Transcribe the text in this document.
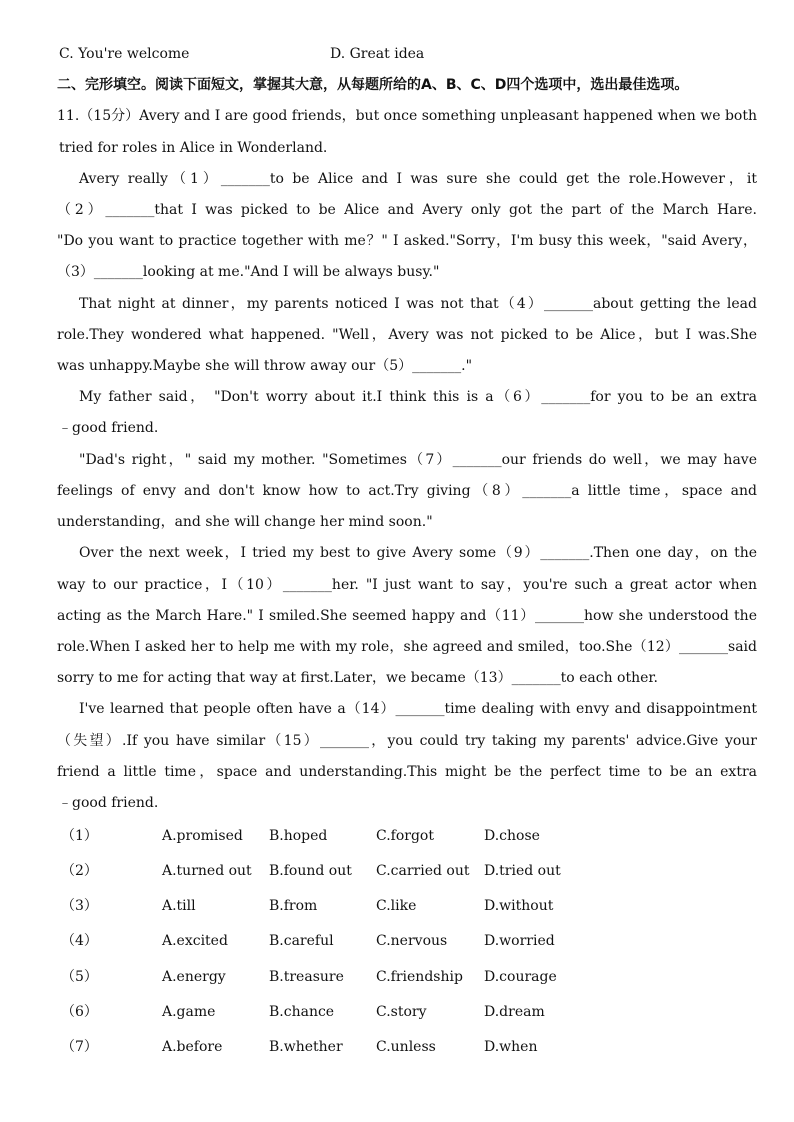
C. You're welcome	D. Great idea
二、完形填空。阅读下面短文，掌握其大意，从每题所给的A、B、C、D四个选项中，选出最佳选项。
11.（15分）Avery and I are good friends，but once something unpleasant happened when we both
tried for roles in Alice in Wonderland.
Avery really（1）_______to be Alice and I was sure she could get the role.However，it
（2）_______that I was picked to be Alice and Avery only got the part of the March Hare.
"Do you want to practice together with me？" I asked."Sorry，I'm busy this week，"said Avery，
（3）_______looking at me."And I will be always busy."
That night at dinner，my parents noticed I was not that（4）_______about getting the lead
role.They wondered what happened. "Well，Avery was not picked to be Alice，but I was.She
was unhappy.Maybe she will throw away our（5）_______."
My father said， "Don't worry about it.I think this is a（6）_______for you to be an extra
﹣good friend.
"Dad's right，" said my mother. "Sometimes（7）_______our friends do well，we may have
feelings of envy and don't know how to act.Try giving（8）_______a little time，space and
understanding，and she will change her mind soon."
Over the next week，I tried my best to give Avery some（9）_______.Then one day，on the
way to our practice，I（10）_______her. "I just want to say，you're such a great actor when
acting as the March Hare." I smiled.She seemed happy and（11）_______how she understood the
role.When I asked her to help me with my role，she agreed and smiled，too.She（12）_______said
sorry to me for acting that way at first.Later，we became（13）_______to each other.
I've learned that people often have a（14）_______time dealing with envy and disappointment
（失望）.If you have similar（15）_______，you could try taking my parents' advice.Give your
friend a little time，space and understanding.This might be the perfect time to be an extra
﹣good friend.
（1）	A.promised B.hoped	C.forgot	D.chose
（2）	A.turned out B.found out C.carried out D.tried out
（3）	A.till	B.from	C.like	D.without
（4）	A.excited	B.careful	C.nervous	D.worried
（5）	A.energy	B.treasure C.friendship D.courage
（6）	A.game	B.chance	C.story	D.dream
（7）	A.before	B.whether C.unless	D.when
